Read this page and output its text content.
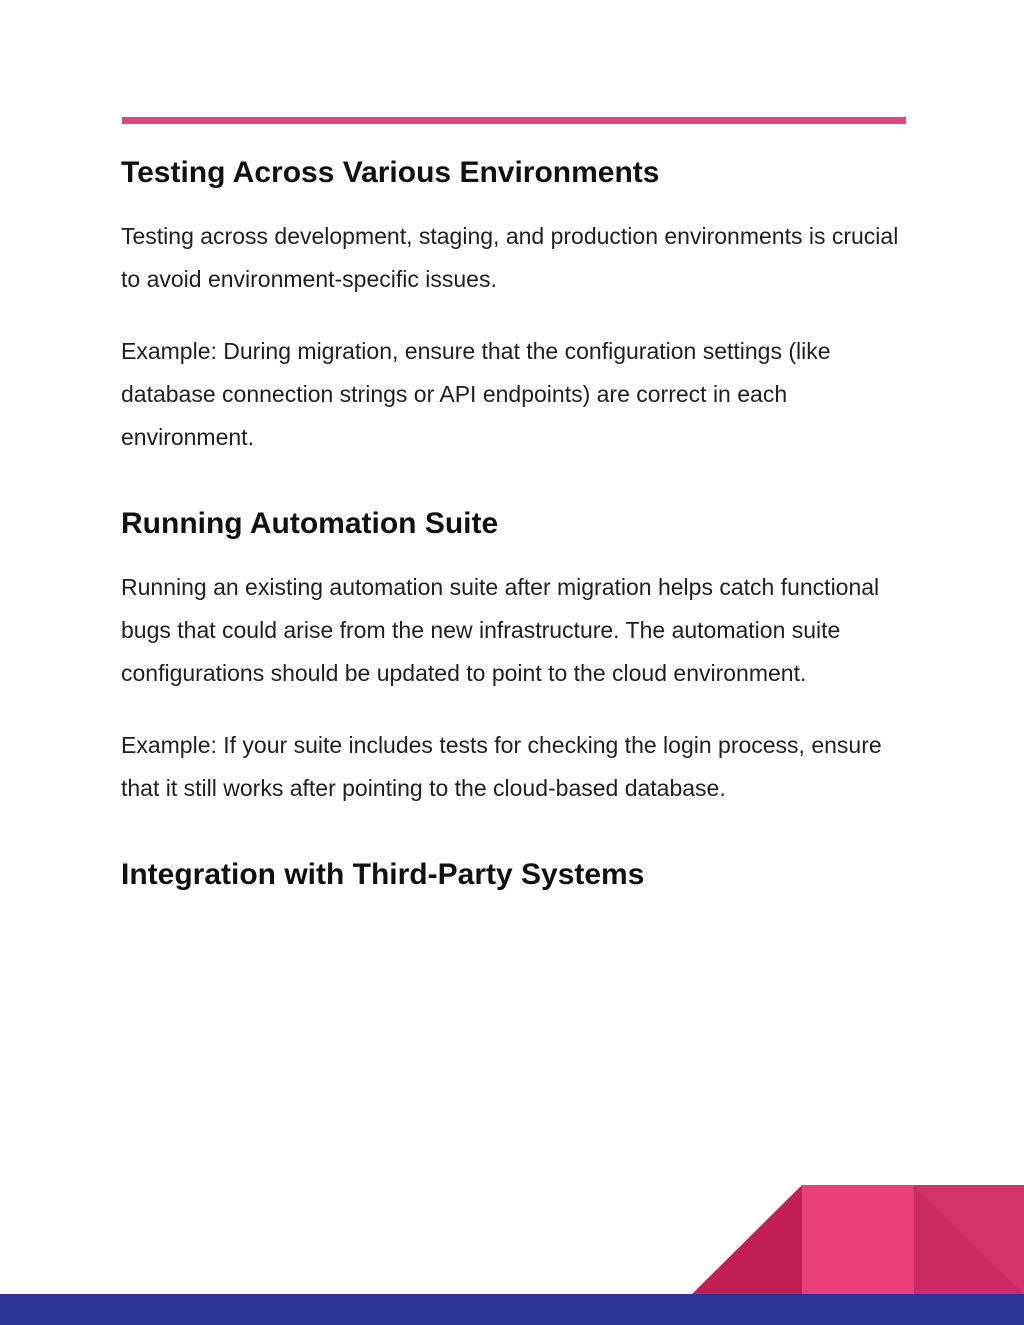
Testing Across Various Environments

Testing across development, staging, and production environments is crucial to avoid environment-specific issues.

Example: During migration, ensure that the configuration settings (like database connection strings or API endpoints) are correct in each environment.

Running Automation Suite

Running an existing automation suite after migration helps catch functional bugs that could arise from the new infrastructure. The automation suite configurations should be updated to point to the cloud environment.

Example: If your suite includes tests for checking the login process, ensure that it still works after pointing to the cloud-based database.

Integration with Third-Party Systems
